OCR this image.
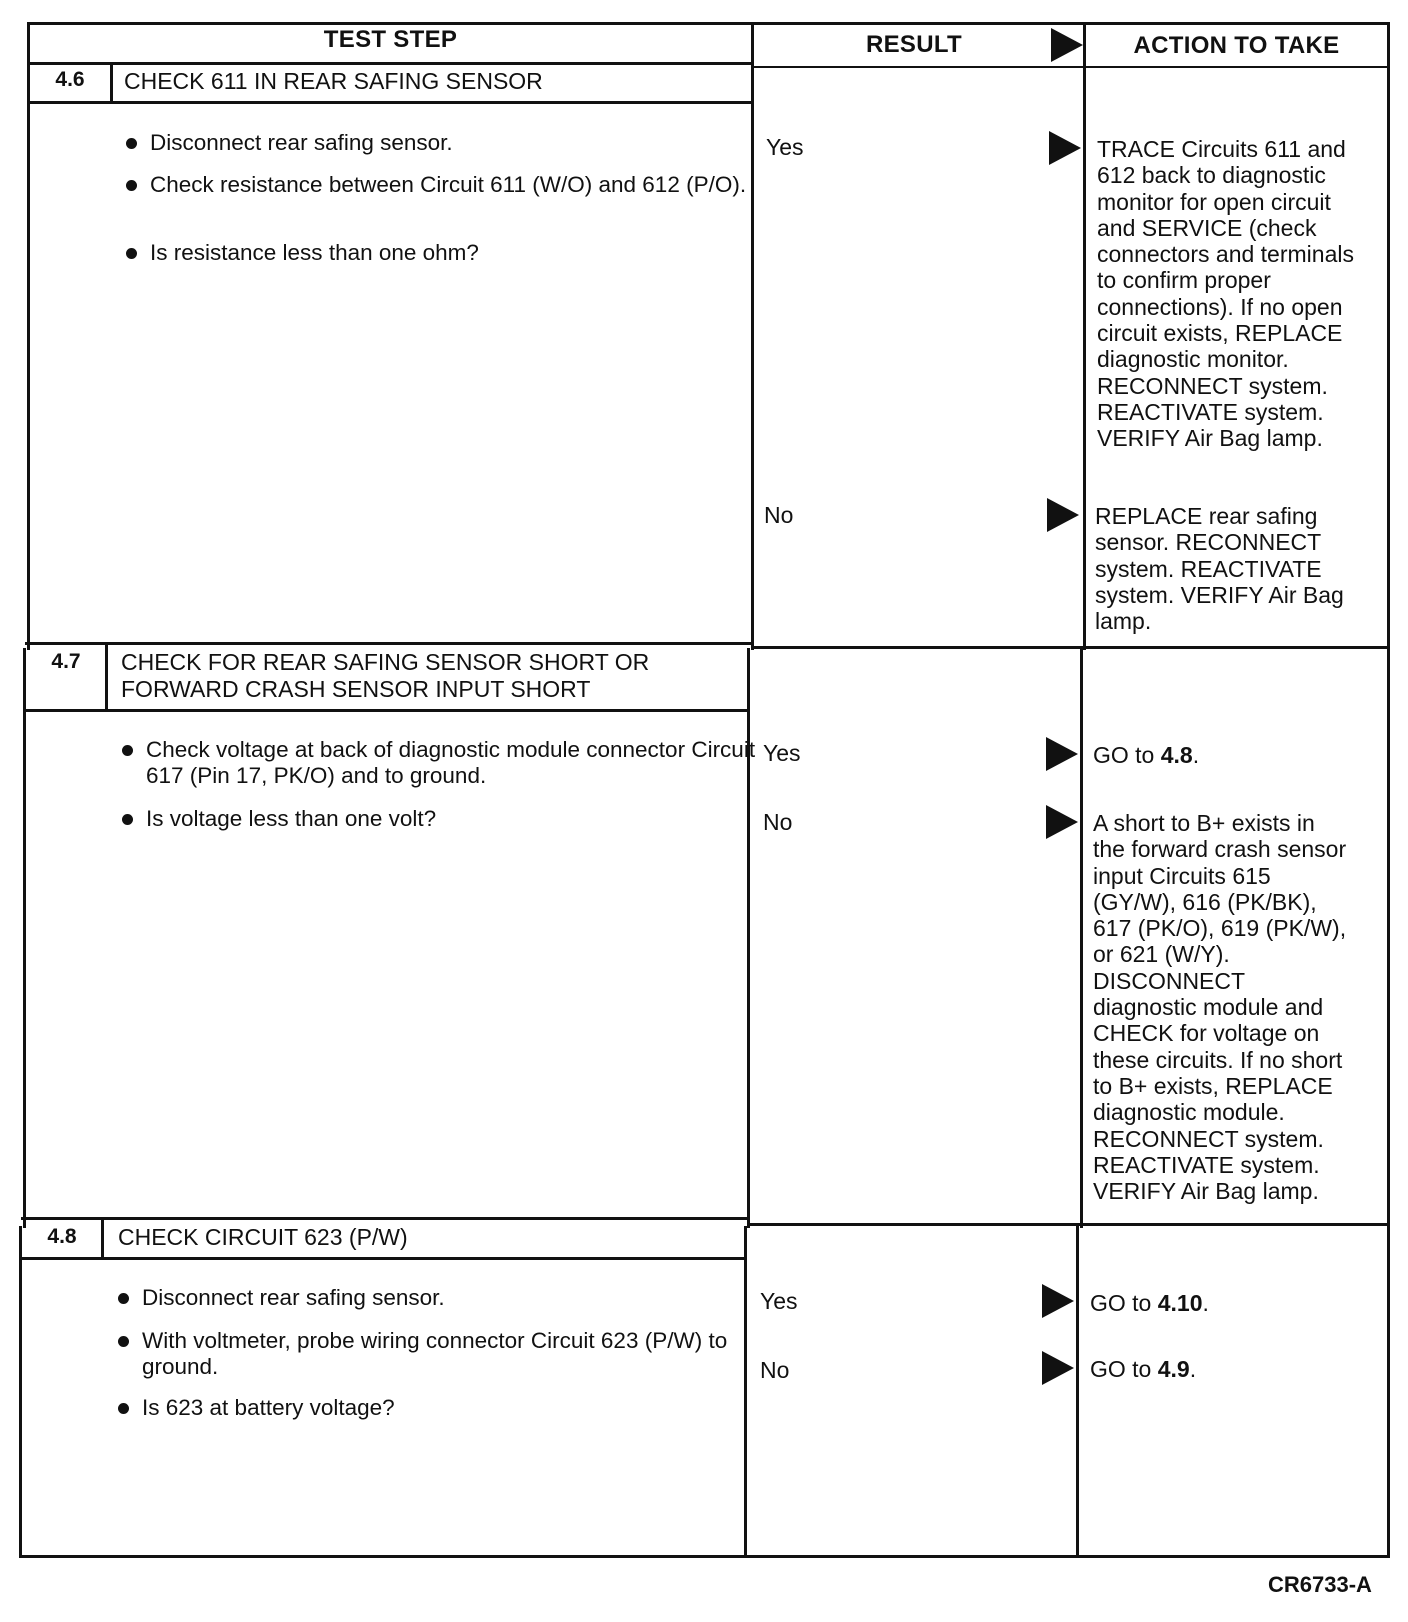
TEST STEP	RESULT	ACTION TO TAKE
4.6	CHECK 611 IN REAR SAFING SENSOR
Disconnect rear safing sensor.
Check resistance between Circuit 611 (W/O) and 612 (P/O).
Is resistance less than one ohm?
Yes	TRACE Circuits 611 and
612 back to diagnostic
monitor for open circuit
and SERVICE (check
connectors and terminals
to confirm proper
connections). If no open
circuit exists, REPLACE
diagnostic monitor.
RECONNECT system.
REACTIVATE system.
VERIFY Air Bag lamp.
No	REPLACE rear safing
sensor. RECONNECT
system. REACTIVATE
system. VERIFY Air Bag
lamp.
4.7	CHECK FOR REAR SAFING SENSOR SHORT OR FORWARD CRASH SENSOR INPUT SHORT
Check voltage at back of diagnostic module connector Circuit 617 (Pin 17, PK/O) and to ground.
Is voltage less than one volt?
Yes	GO to 4.8.
No	A short to B+ exists in
the forward crash sensor
input Circuits 615
(GY/W), 616 (PK/BK),
617 (PK/O), 619 (PK/W),
or 621 (W/Y).
DISCONNECT
diagnostic module and
CHECK for voltage on
these circuits. If no short
to B+ exists, REPLACE
diagnostic module.
RECONNECT system.
REACTIVATE system.
VERIFY Air Bag lamp.
4.8	CHECK CIRCUIT 623 (P/W)
Disconnect rear safing sensor.
With voltmeter, probe wiring connector Circuit 623 (P/W) to ground.
Is 623 at battery voltage?
Yes	GO to 4.10.
No	GO to 4.9.
CR6733-A
